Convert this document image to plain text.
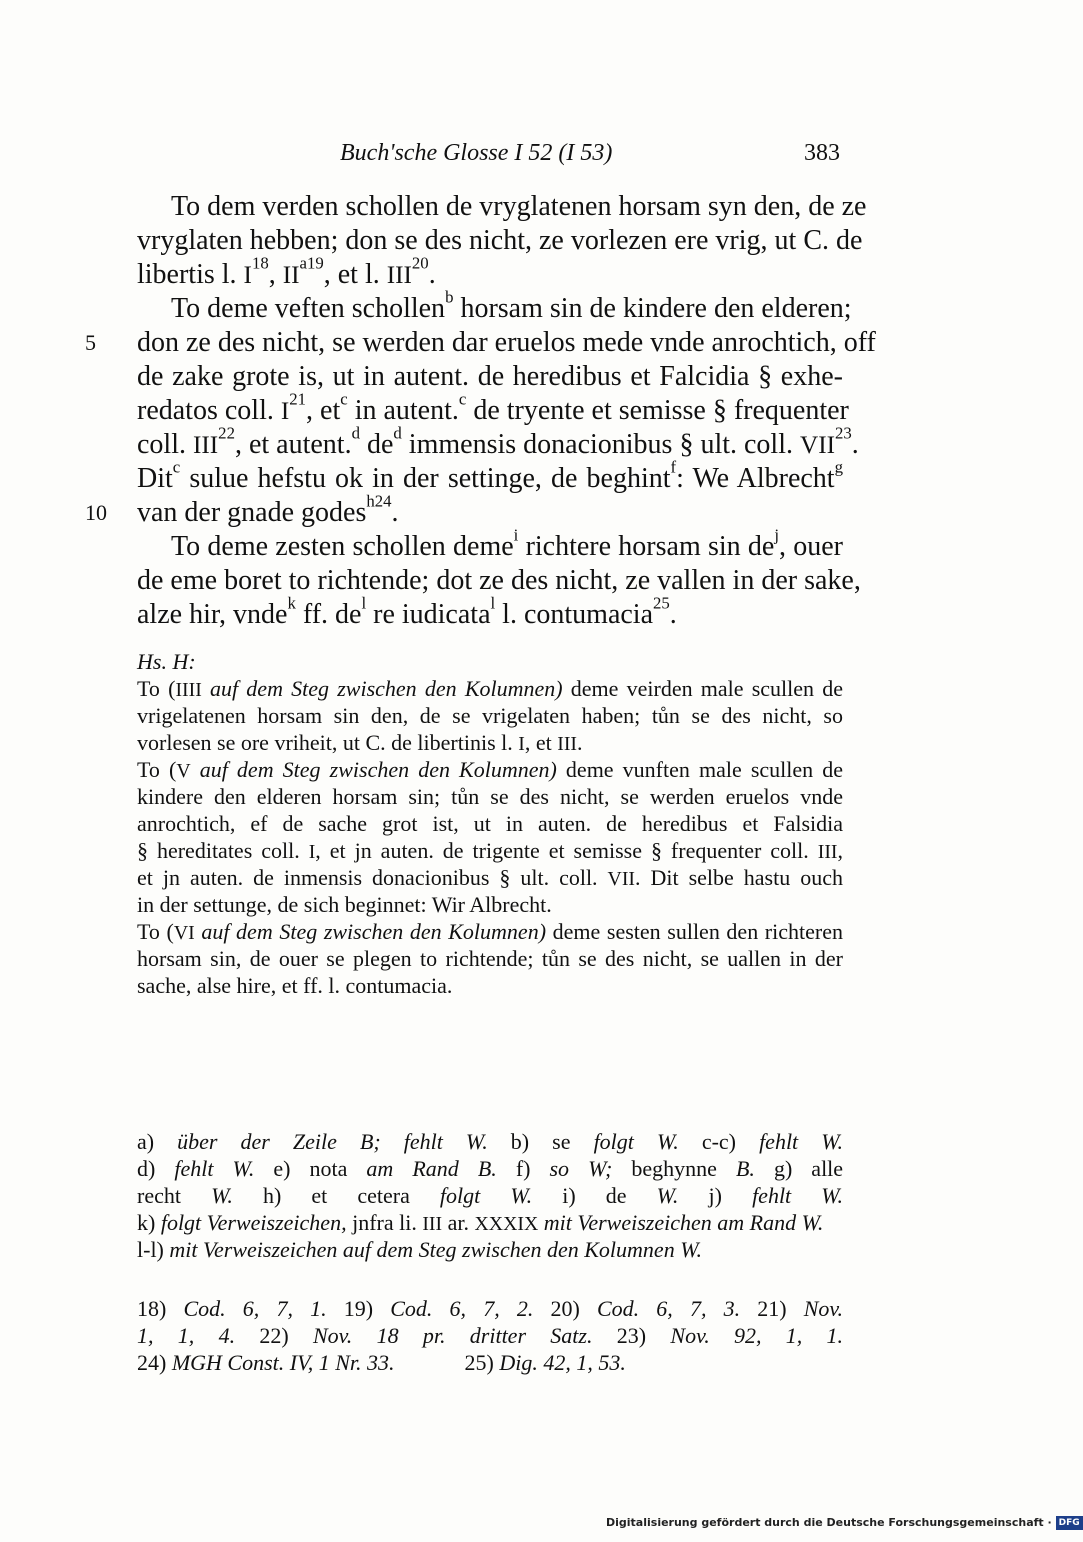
Buch'sche Glosse I 52 (I 53)	383
To dem verden schollen de vryglatenen horsam syn den, de ze
vryglaten hebben; don se des nicht, ze vorlezen ere vrig, ut C. de
libertis l. $I^{18}$, $II^{a19}$, et l. III$^{20}$.
To deme veften schollen$^b$ horsam sin de kindere den elderen;
5 don ze des nicht, se werden dar eruelos mede vnde anrochtich, off
de zake grote is, ut in autent. de heredibus et Falcidia § exhe-
redatos coll. $I^{21}$, $et^c$ in autent.$^c$ de tryente et semisse § frequenter
coll. III$^{22}$, et autent.$^d$ $de^d$ immensis donacionibus § ult. coll. VII$^{23}$.
Dit$^c$ sulue hefstu ok in der settinge, de beghint$^f$: We Albrecht$^g$
10 van der gnade godes$^{h24}$.
To deme zesten schollen deme$^i$ richtere horsam $\sin de^j$, ouer
de eme boret to richtende; dot ze des nicht, ze vallen in der sake,
alze hir, vnde$^k$ ff. $de^l$ re iudicata$^l$ l. contumacia$^{25}$.
Hs. H:
To (IIII auf dem Steg zwischen den Kolumnen) deme veirden male scullen de
vrigelatenen horsam sin den, de se vrigelaten haben; tůn se des nicht, so
vorlesen se ore vriheit, ut C. de libertinis l. I, et III.
To (V auf dem Steg zwischen den Kolumnen) deme vunften male scullen de
kindere den elderen horsam sin; tůn se des nicht, se werden eruelos vnde
anrochtich, ef de sache grot ist, ut in auten. de heredibus et Falsidia
§ hereditates coll. I, et jn auten. de trigente et semisse § frequenter coll. III,
et jn auten. de inmensis donacionibus § ult. coll. VII. Dit selbe hastu ouch
in der settunge, de sich beginnet: Wir Albrecht.
To (VI auf dem Steg zwischen den Kolumnen) deme sesten sullen den richteren
horsam sin, de ouer se plegen to richtende; tůn se des nicht, se uallen in der
sache, alse hire, et ff. l. contumacia.
a) über der Zeile B; fehlt W. b) se folgt W. c-c) fehlt W.
d) fehlt W. e) nota am Rand B. f) so W; beghynne B. g) alle
recht W. h) et cetera folgt W. i) de W. j) fehlt W.
k) folgt Verweiszeichen, jnfra li. III ar. XXXIX mit Verweiszeichen am Rand W.
l-l) mit Verweiszeichen auf dem Steg zwischen den Kolumnen W.
18) Cod. 6, 7, 1. 19) Cod. 6, 7, 2. 20) Cod. 6, 7, 3. 21) Nov.
1, 1, 4. 22) Nov. 18 pr. dritter Satz. 23) Nov. 92, 1, 1.
24) MGH Const. IV, 1 Nr. 33.	25) Dig. 42, 1, 53.
Digitalisierung gefördert durch die Deutsche Forschungsgemeinschaft · DFG
